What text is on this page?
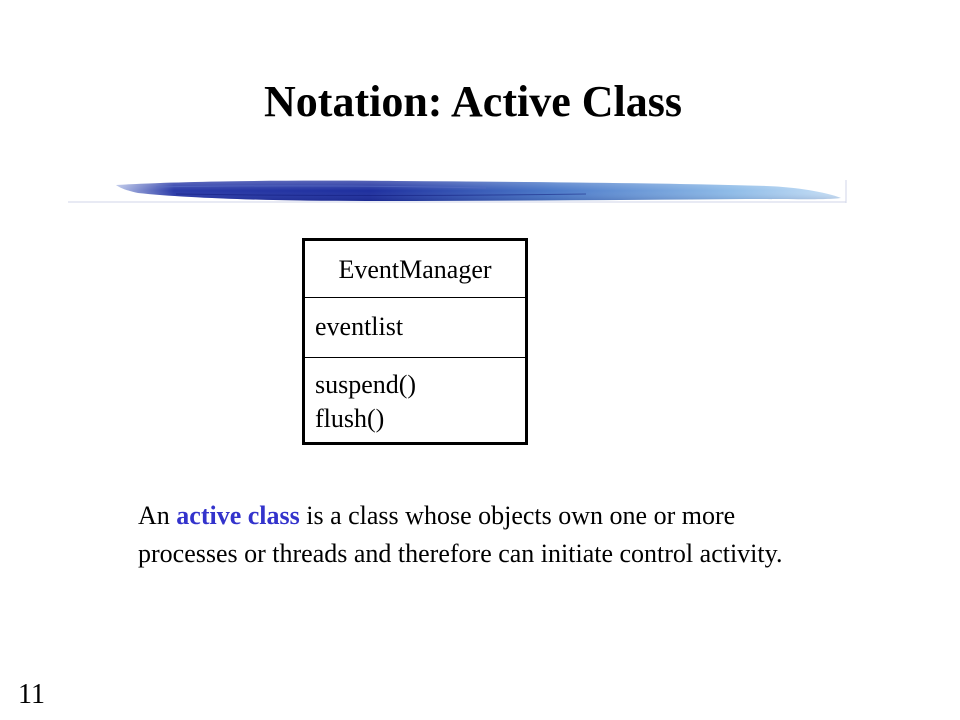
Notation: Active Class
EventManager
eventlist
suspend()
flush()

An active class is a class whose objects own one or more processes or threads and therefore can initiate control activity.

11
